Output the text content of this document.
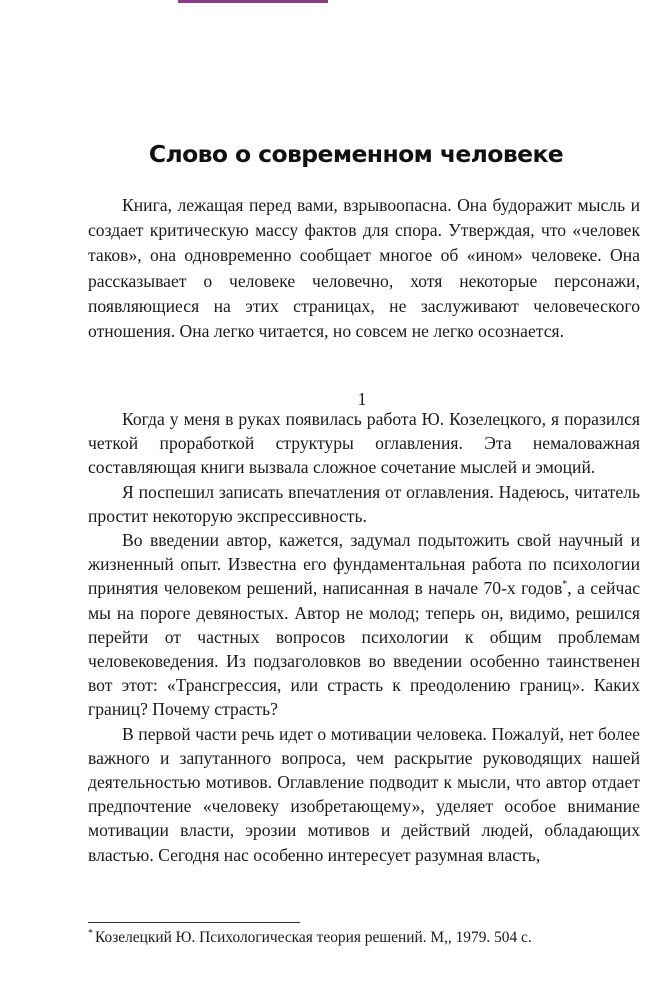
Слово о современном человеке

Книга, лежащая перед вами, взрывоопасна. Она будоражит мысль и создает критическую массу фактов для спора. Утверждая, что «человек таков», она одновременно сообщает многое об «ином» человеке. Она рассказывает о человеке человечно, хотя некоторые персонажи, появляющиеся на этих страницах, не заслуживают человеческого отношения. Она легко читается, но совсем не легко осознается.

1

Когда у меня в руках появилась работа Ю. Козелецкого, я поразился четкой проработкой структуры оглавления. Эта немаловажная составляющая книги вызвала сложное сочетание мыслей и эмоций.

Я поспешил записать впечатления от оглавления. Надеюсь, читатель простит некоторую экспрессивность.

Во введении автор, кажется, задумал подытожить свой научный и жизненный опыт. Известна его фундаментальная работа по психологии принятия человеком решений, написанная в начале 70-х годов*, а сейчас мы на пороге девяностых. Автор не молод; теперь он, видимо, решился перейти от частных вопросов психологии к общим проблемам человековедения. Из подзаголовков во введении особенно таинственен вот этот: «Трансгрессия, или страсть к преодолению границ». Каких границ? Почему страсть?

В первой части речь идет о мотивации человека. Пожалуй, нет более важного и запутанного вопроса, чем раскрытие руководящих нашей деятельностью мотивов. Оглавление подводит к мысли, что автор отдает предпочтение «человеку изобретающему», уделяет особое внимание мотивации власти, эрозии мотивов и действий людей, обладающих властью. Сегодня нас особенно интересует разумная власть,

* Козелецкий Ю. Психологическая теория решений. М,, 1979. 504 с.
